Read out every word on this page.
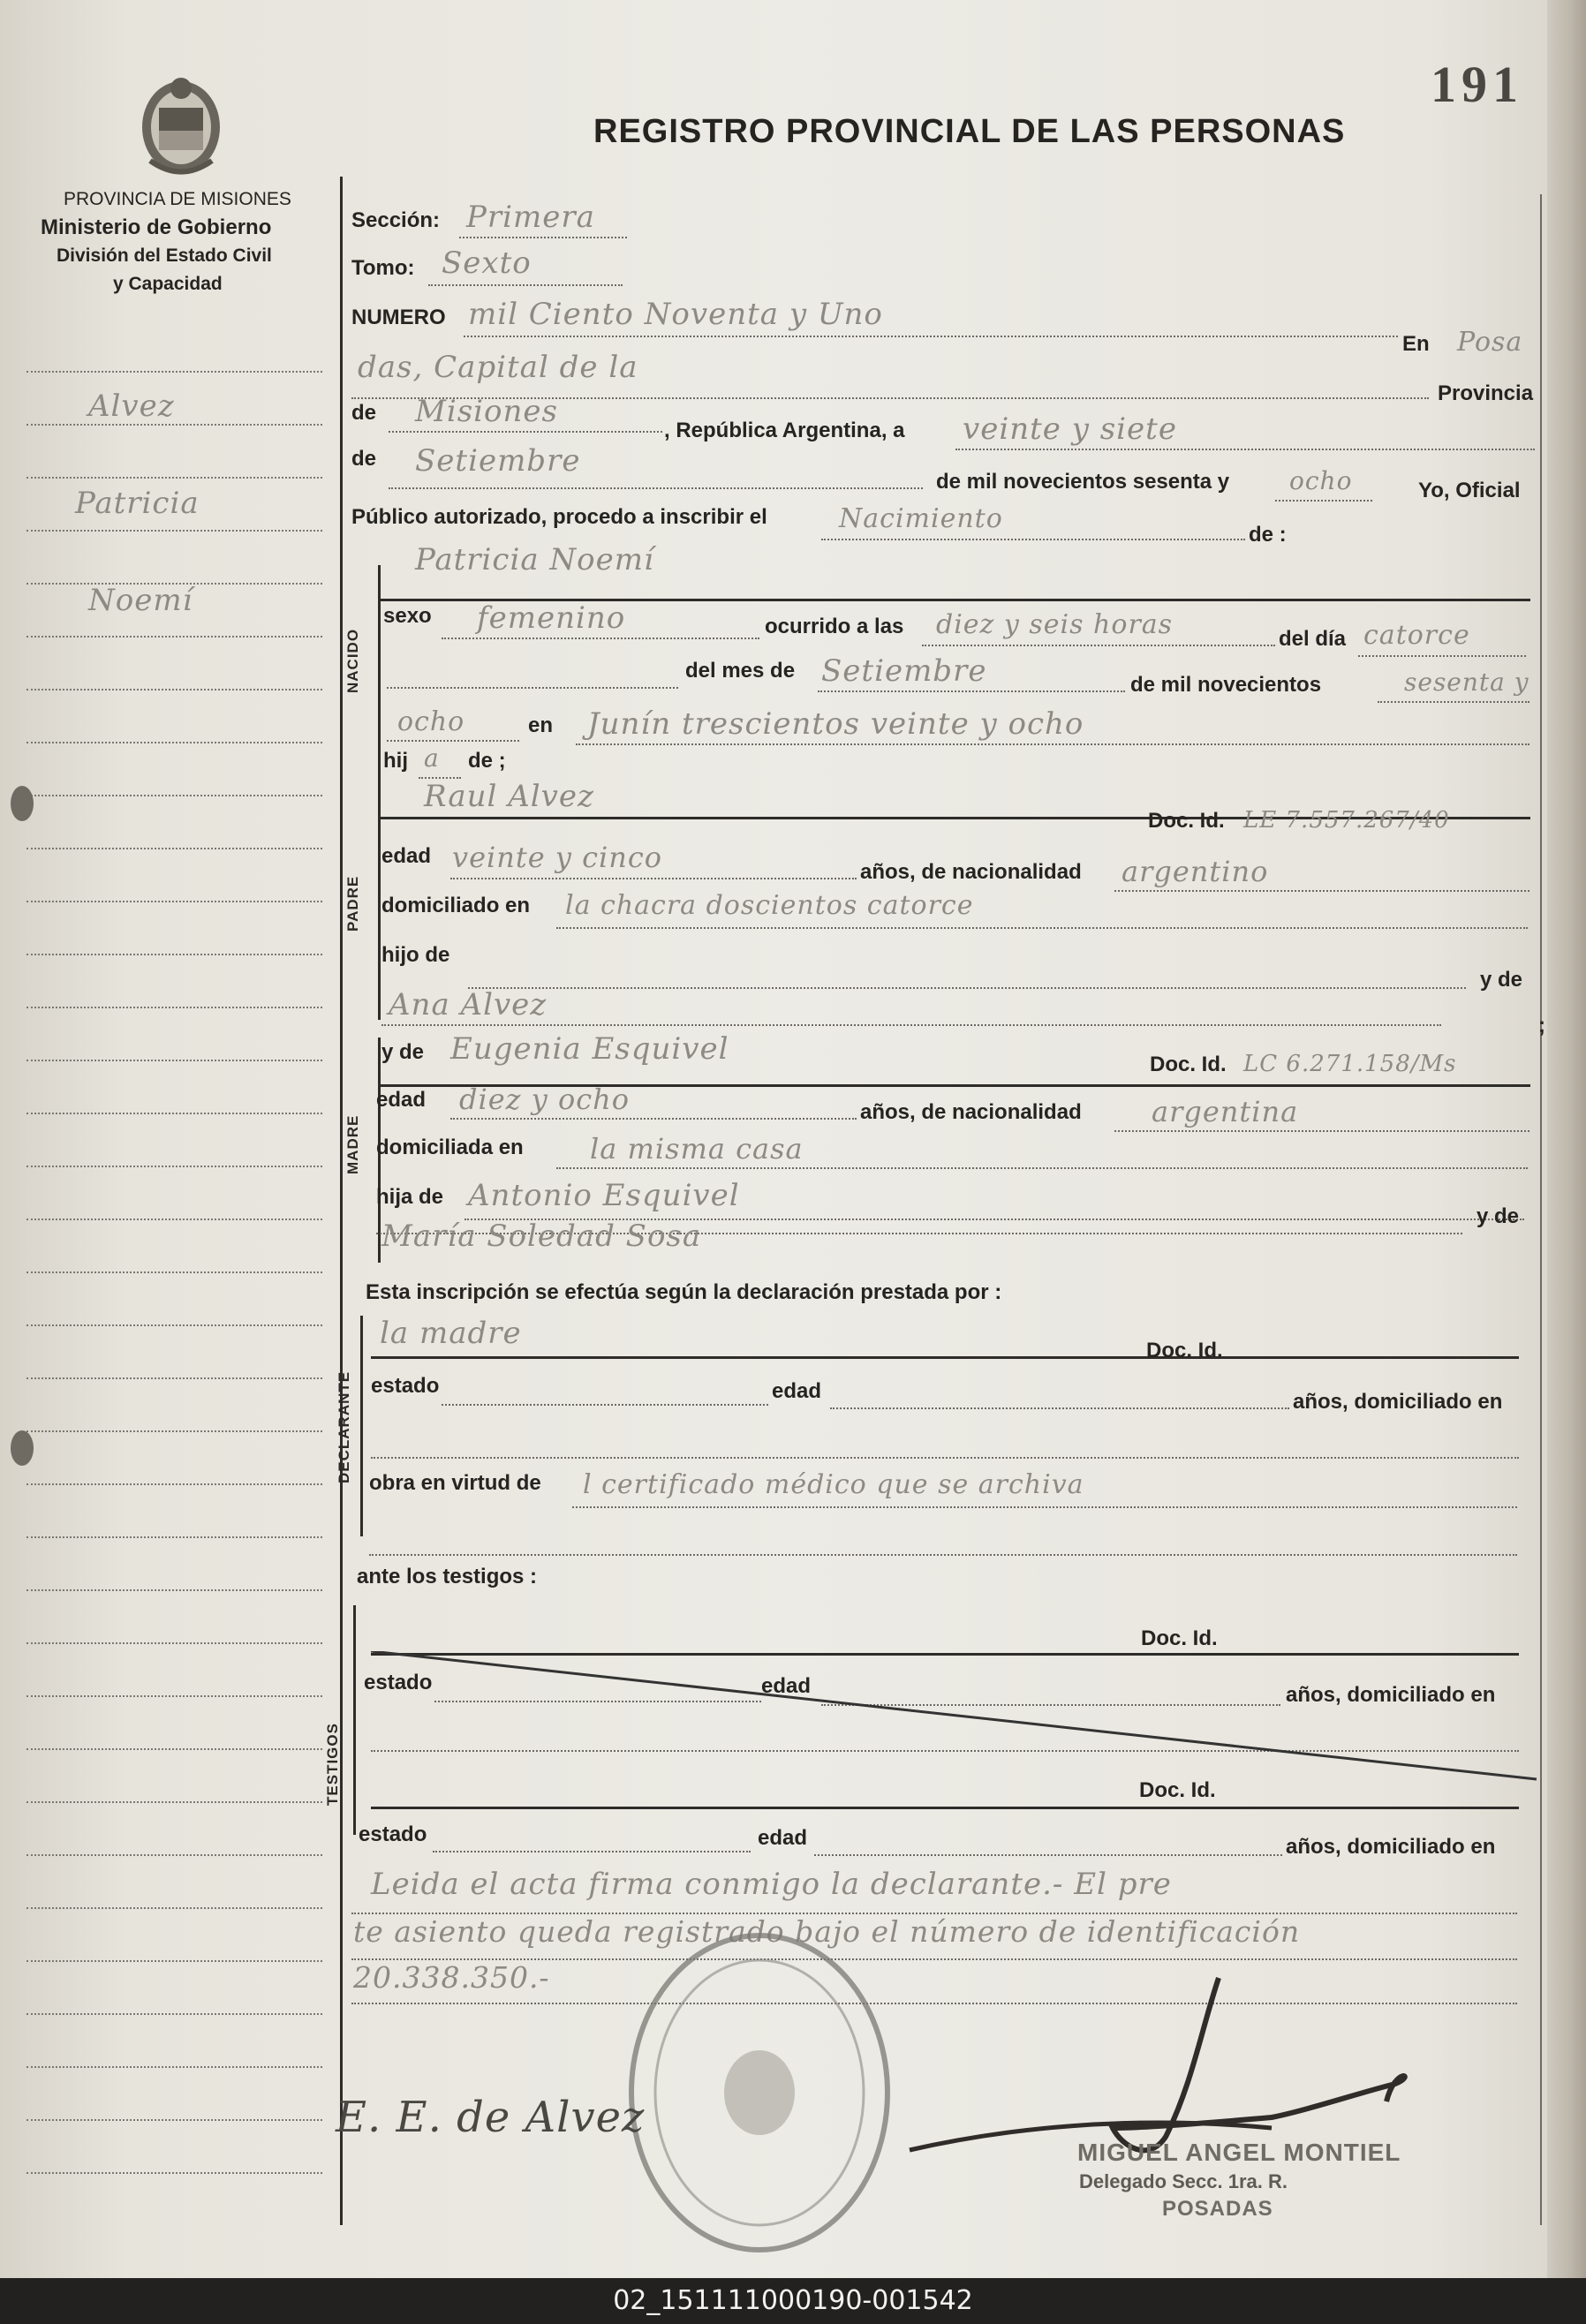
191
PROVINCIA DE MISIONES
Ministerio de Gobierno
División del Estado Civil
y Capacidad
REGISTRO PROVINCIAL DE LAS PERSONAS
Alvez
Patricia
Noemí
Sección: Primera
Tomo: Sexto
NUMERO mil Ciento Noventa y Uno
En Posa
das, Capital de la
Provincia
de Misiones
, República Argentina, a veinte y siete
de Setiembre
de mil novecientos sesenta y ocho	Yo, Oficial
Público autorizado, procedo a inscribir el	Nacimiento
de :
NACIDO
Patricia Noemí
sexo femenino	ocurrido a las diez y seis horas	del día catorce
del mes de Setiembre	de mil novecientos	sesenta y
ocho	en Junín trescientos veinte y ocho
hij a de ;
PADRE
Raul Alvez
Doc. Id. LE 7.557.267/40
edad veinte y cinco	años, de nacionalidad argentino
domiciliado en la chacra doscientos catorce
hijo de
y de
Ana Alvez
;
MADRE
y de Eugenia Esquivel	Doc. Id. LC 6.271.158/Ms
edad diez y ocho	años, de nacionalidad argentina
domiciliada en la misma casa
hija de Antonio Esquivel
María Soledad Sosa
y de
Esta inscripción se efectúa según la declaración prestada por :
DECLARANTE
la madre	Doc. Id.
estado	edad	años, domiciliado en
obra en virtud de l certificado médico que se archiva
ante los testigos :
TESTIGOS
Doc. Id.
estado	edad	años, domiciliado en
Doc. Id.
estado	edad	años, domiciliado en
Leida el acta firma conmigo la declarante.- El pre
te asiento queda registrado bajo el número de identificación
20.338.350.-
E. E. de Alvez
MIGUEL ANGEL MONTIEL
Delegado Secc. 1ra. R.
POSADAS
02_151111000190-001542
